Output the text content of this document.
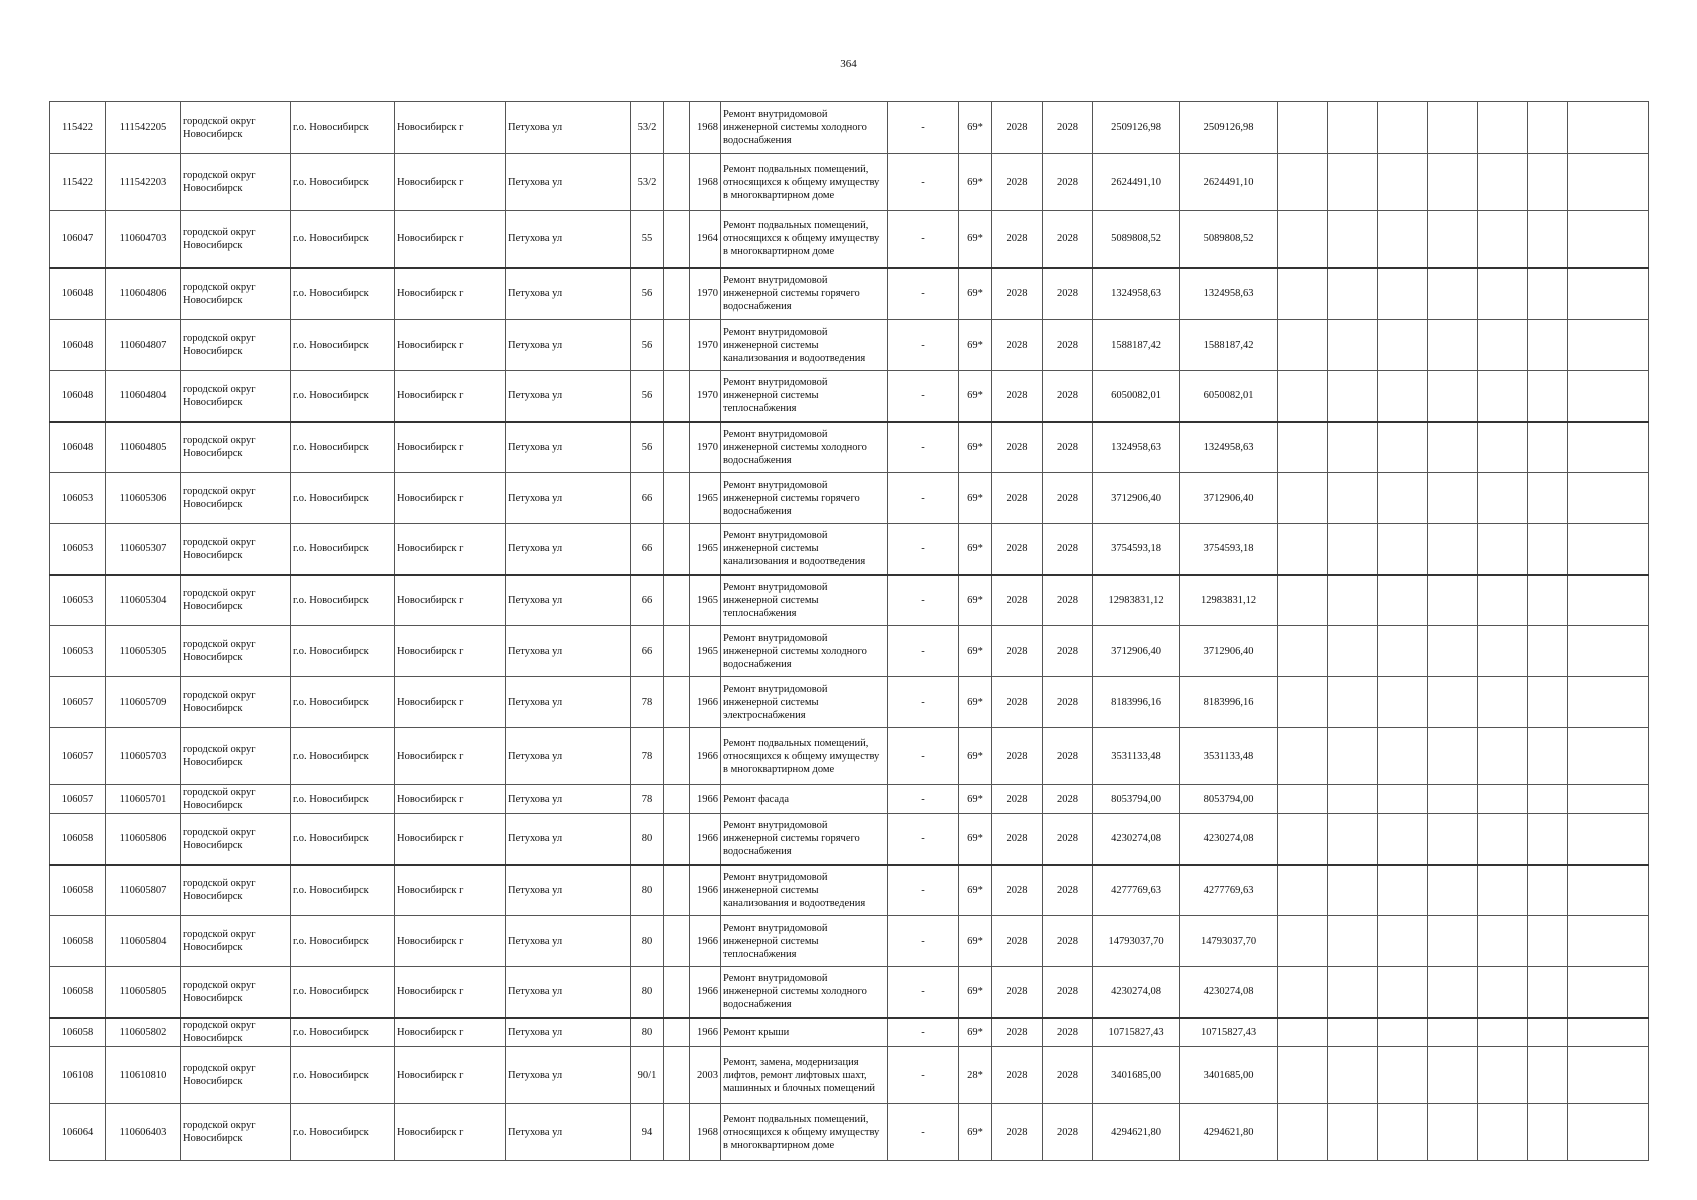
364
115422	111542205	городской округ Новосибирск	г.о. Новосибирск	Новосибирск г	Петухова ул	53/2		1968	Ремонт внутридомовой инженерной системы холодного водоснабжения	-	69*	2028	2028	2509126,98	2509126,98							
115422	111542203	городской округ Новосибирск	г.о. Новосибирск	Новосибирск г	Петухова ул	53/2		1968	Ремонт подвальных помещений, относящихся к общему имуществу в многоквартирном доме	-	69*	2028	2028	2624491,10	2624491,10							
106047	110604703	городской округ Новосибирск	г.о. Новосибирск	Новосибирск г	Петухова ул	55		1964	Ремонт подвальных помещений, относящихся к общему имуществу в многоквартирном доме	-	69*	2028	2028	5089808,52	5089808,52							
106048	110604806	городской округ Новосибирск	г.о. Новосибирск	Новосибирск г	Петухова ул	56		1970	Ремонт внутридомовой инженерной системы горячего водоснабжения	-	69*	2028	2028	1324958,63	1324958,63							
106048	110604807	городской округ Новосибирск	г.о. Новосибирск	Новосибирск г	Петухова ул	56		1970	Ремонт внутридомовой инженерной системы канализования и водоотведения	-	69*	2028	2028	1588187,42	1588187,42							
106048	110604804	городской округ Новосибирск	г.о. Новосибирск	Новосибирск г	Петухова ул	56		1970	Ремонт внутридомовой инженерной системы теплоснабжения	-	69*	2028	2028	6050082,01	6050082,01							
106048	110604805	городской округ Новосибирск	г.о. Новосибирск	Новосибирск г	Петухова ул	56		1970	Ремонт внутридомовой инженерной системы холодного водоснабжения	-	69*	2028	2028	1324958,63	1324958,63							
106053	110605306	городской округ Новосибирск	г.о. Новосибирск	Новосибирск г	Петухова ул	66		1965	Ремонт внутридомовой инженерной системы горячего водоснабжения	-	69*	2028	2028	3712906,40	3712906,40							
106053	110605307	городской округ Новосибирск	г.о. Новосибирск	Новосибирск г	Петухова ул	66		1965	Ремонт внутридомовой инженерной системы канализования и водоотведения	-	69*	2028	2028	3754593,18	3754593,18							
106053	110605304	городской округ Новосибирск	г.о. Новосибирск	Новосибирск г	Петухова ул	66		1965	Ремонт внутридомовой инженерной системы теплоснабжения	-	69*	2028	2028	12983831,12	12983831,12							
106053	110605305	городской округ Новосибирск	г.о. Новосибирск	Новосибирск г	Петухова ул	66		1965	Ремонт внутридомовой инженерной системы холодного водоснабжения	-	69*	2028	2028	3712906,40	3712906,40							
106057	110605709	городской округ Новосибирск	г.о. Новосибирск	Новосибирск г	Петухова ул	78		1966	Ремонт внутридомовой инженерной системы электроснабжения	-	69*	2028	2028	8183996,16	8183996,16							
106057	110605703	городской округ Новосибирск	г.о. Новосибирск	Новосибирск г	Петухова ул	78		1966	Ремонт подвальных помещений, относящихся к общему имуществу в многоквартирном доме	-	69*	2028	2028	3531133,48	3531133,48							
106057	110605701	городской округ Новосибирск	г.о. Новосибирск	Новосибирск г	Петухова ул	78		1966	Ремонт фасада	-	69*	2028	2028	8053794,00	8053794,00							
106058	110605806	городской округ Новосибирск	г.о. Новосибирск	Новосибирск г	Петухова ул	80		1966	Ремонт внутридомовой инженерной системы горячего водоснабжения	-	69*	2028	2028	4230274,08	4230274,08							
106058	110605807	городской округ Новосибирск	г.о. Новосибирск	Новосибирск г	Петухова ул	80		1966	Ремонт внутридомовой инженерной системы канализования и водоотведения	-	69*	2028	2028	4277769,63	4277769,63							
106058	110605804	городской округ Новосибирск	г.о. Новосибирск	Новосибирск г	Петухова ул	80		1966	Ремонт внутридомовой инженерной системы теплоснабжения	-	69*	2028	2028	14793037,70	14793037,70							
106058	110605805	городской округ Новосибирск	г.о. Новосибирск	Новосибирск г	Петухова ул	80		1966	Ремонт внутридомовой инженерной системы холодного водоснабжения	-	69*	2028	2028	4230274,08	4230274,08							
106058	110605802	городской округ Новосибирск	г.о. Новосибирск	Новосибирск г	Петухова ул	80		1966	Ремонт крыши	-	69*	2028	2028	10715827,43	10715827,43							
106108	110610810	городской округ Новосибирск	г.о. Новосибирск	Новосибирск г	Петухова ул	90/1		2003	Ремонт, замена, модернизация лифтов, ремонт лифтовых шахт, машинных и блочных помещений	-	28*	2028	2028	3401685,00	3401685,00							
106064	110606403	городской округ Новосибирск	г.о. Новосибирск	Новосибирск г	Петухова ул	94		1968	Ремонт подвальных помещений, относящихся к общему имуществу в многоквартирном доме	-	69*	2028	2028	4294621,80	4294621,80							
